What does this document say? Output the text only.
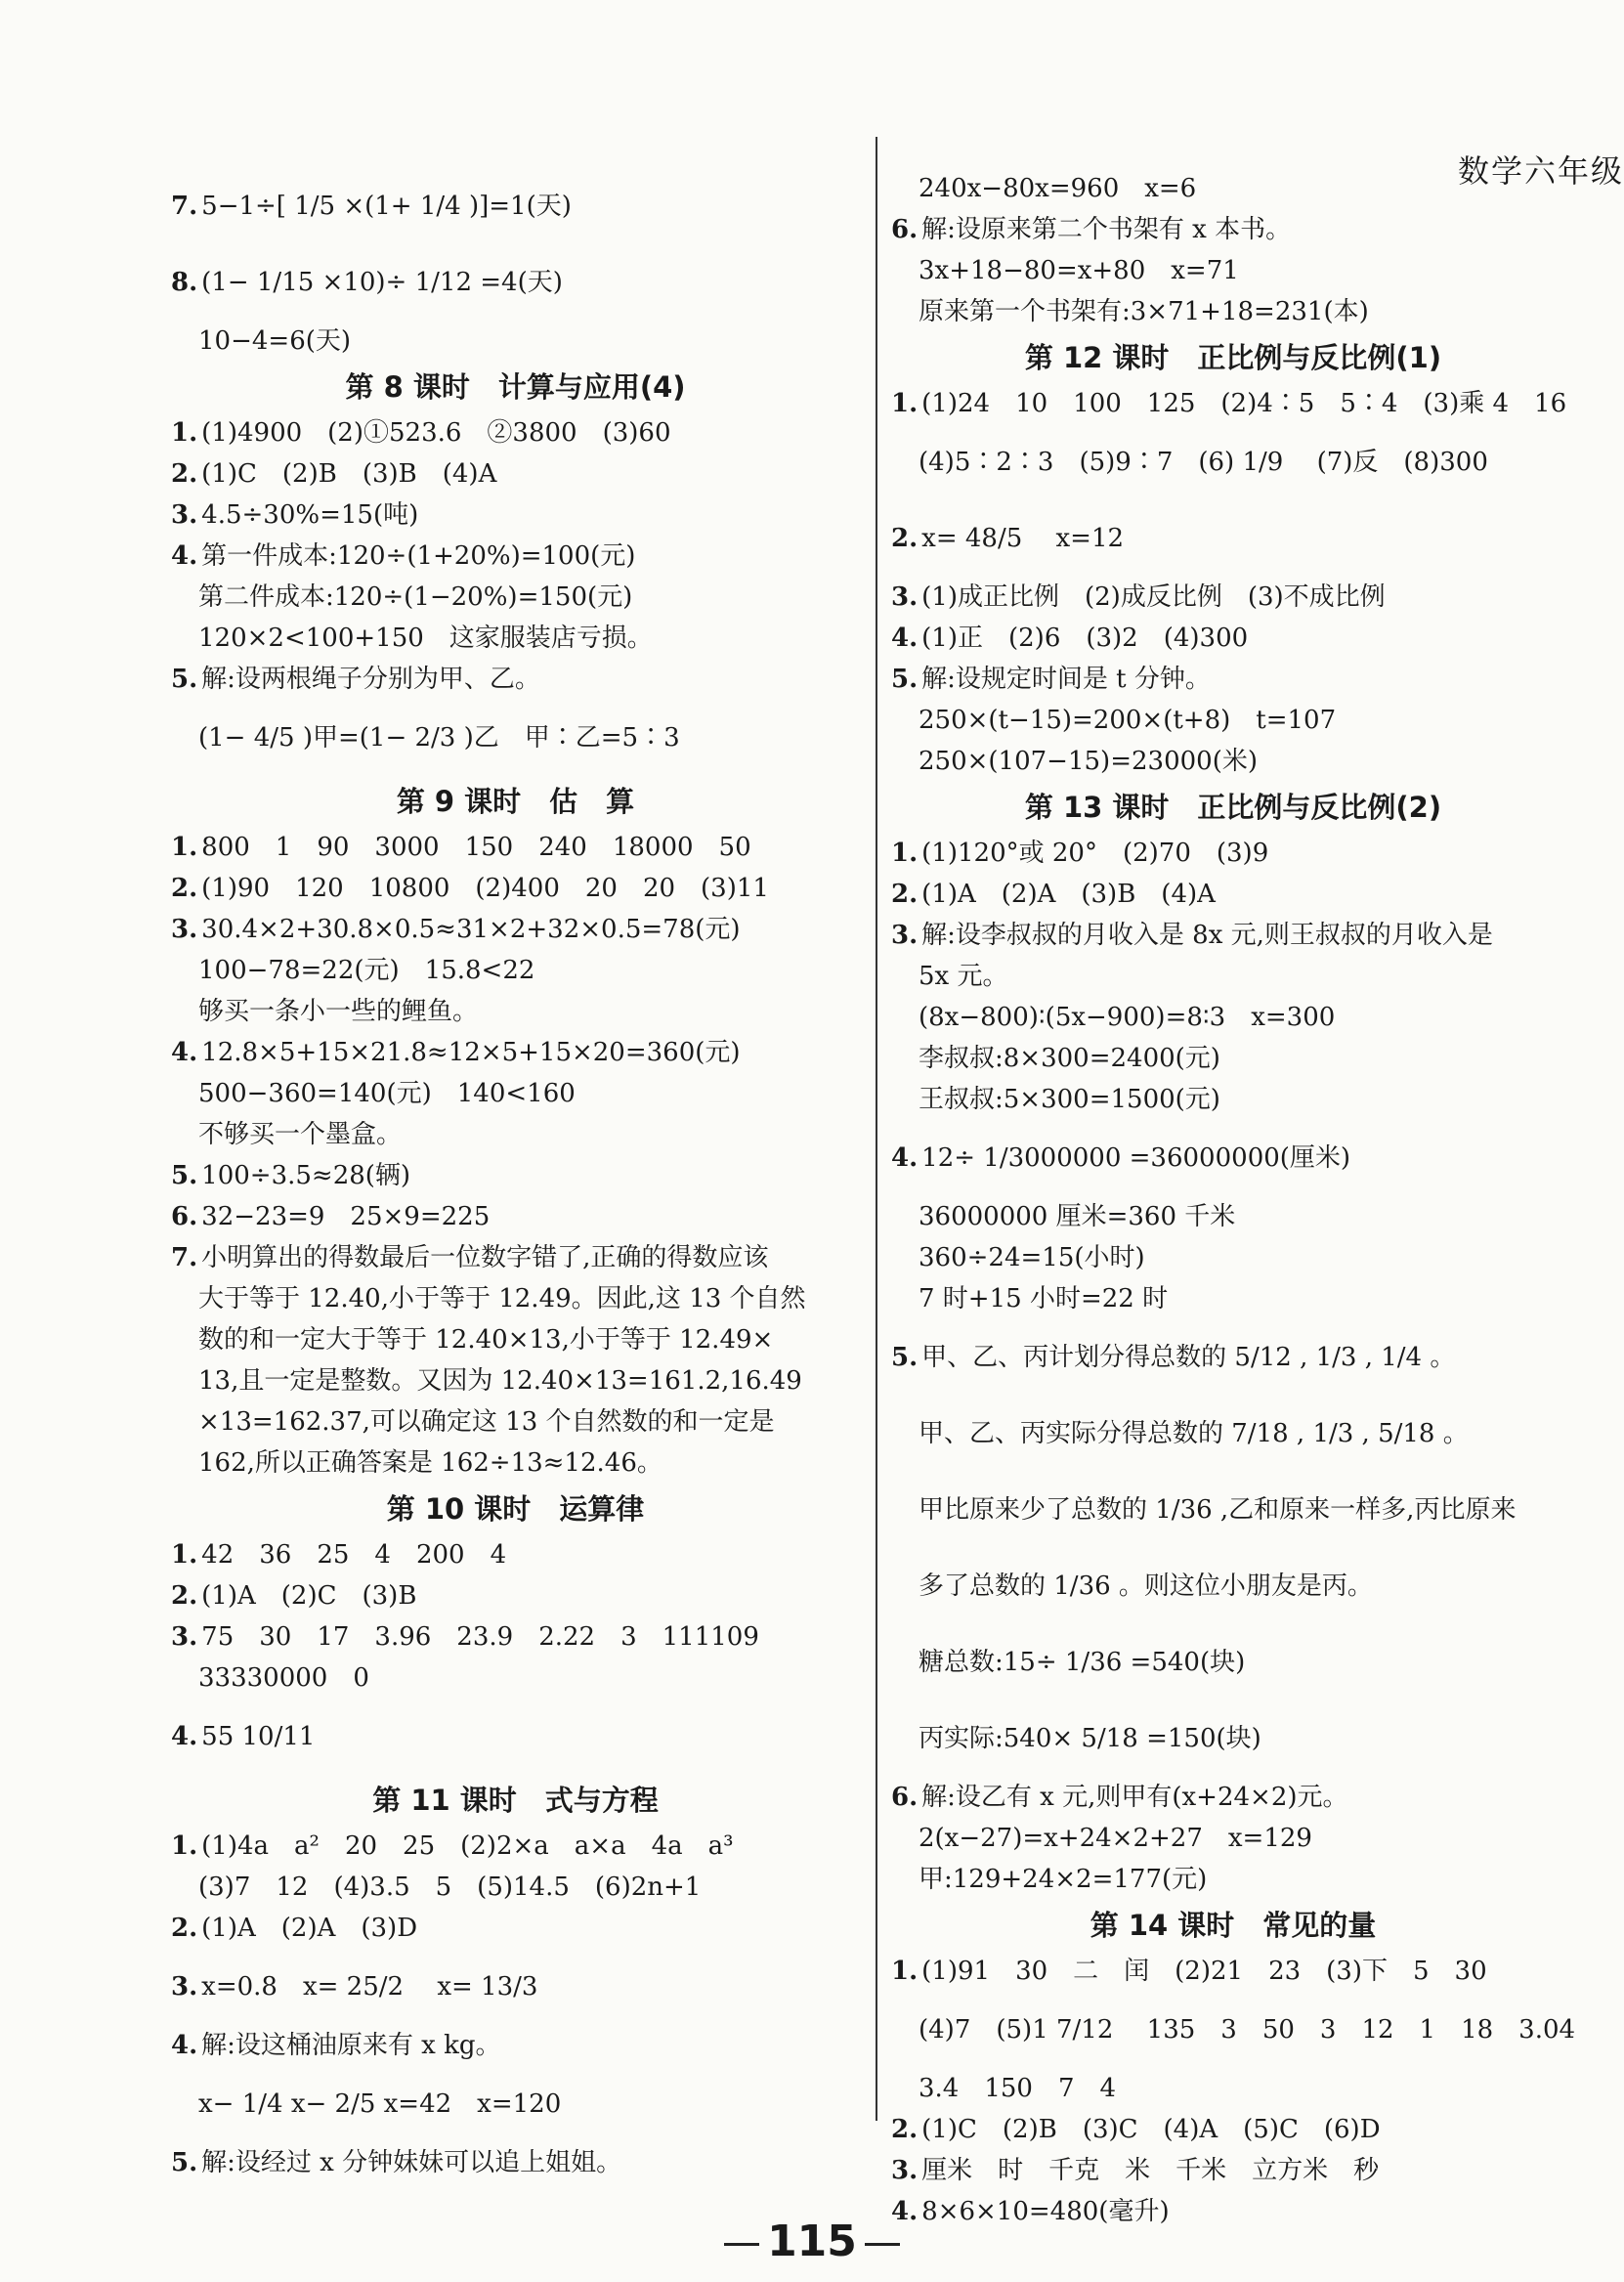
数学六年级
7. 5−1÷[ 1/5 ×(1+ 1/4 )]=1(天)
8. (1− 1/15 ×10)÷ 1/12 =4(天)
10−4=6(天)
第 8 课时　计算与应用(4)
1. (1)4900　(2)①523.6　②3800　(3)60
2. (1)C　(2)B　(3)B　(4)A
3. 4.5÷30%=15(吨)
4. 第一件成本:120÷(1+20%)=100(元)
第二件成本:120÷(1−20%)=150(元)
120×2<100+150　这家服装店亏损。
5. 解:设两根绳子分别为甲、乙。
(1− 4/5 )甲=(1− 2/3 )乙　甲∶乙=5∶3
第 9 课时　估　算
1. 800　1　90　3000　150　240　18000　50
2. (1)90　120　10800　(2)400　20　20　(3)11
3. 30.4×2+30.8×0.5≈31×2+32×0.5=78(元)
100−78=22(元)　15.8<22
够买一条小一些的鲤鱼。
4. 12.8×5+15×21.8≈12×5+15×20=360(元)
500−360=140(元)　140<160
不够买一个墨盒。
5. 100÷3.5≈28(辆)
6. 32−23=9　25×9=225
7. 小明算出的得数最后一位数字错了,正确的得数应该
大于等于 12.40,小于等于 12.49。因此,这 13 个自然
数的和一定大于等于 12.40×13,小于等于 12.49×
13,且一定是整数。又因为 12.40×13=161.2,16.49
×13=162.37,可以确定这 13 个自然数的和一定是
162,所以正确答案是 162÷13≈12.46。
第 10 课时　运算律
1. 42　36　25　4　200　4
2. (1)A　(2)C　(3)B
3. 75　30　17　3.96　23.9　2.22　3　111109
33330000　0
4. 55 10/11
第 11 课时　式与方程
1. (1)4a　a²　20　25　(2)2×a　a×a　4a　a³
(3)7　12　(4)3.5　5　(5)14.5　(6)2n+1
2. (1)A　(2)A　(3)D
3. x=0.8　x= 25/2 　x= 13/3
4. 解:设这桶油原来有 x kg。
x− 1/4 x− 2/5 x=42　x=120
5. 解:设经过 x 分钟妹妹可以追上姐姐。
240x−80x=960　x=6
6. 解:设原来第二个书架有 x 本书。
3x+18−80=x+80　x=71
原来第一个书架有:3×71+18=231(本)
第 12 课时　正比例与反比例(1)
1. (1)24　10　100　125　(2)4∶5　5∶4　(3)乘 4　16
(4)5∶2∶3　(5)9∶7　(6) 1/9 　(7)反　(8)300
2. x= 48/5 　x=12
3. (1)成正比例　(2)成反比例　(3)不成比例
4. (1)正　(2)6　(3)2　(4)300
5. 解:设规定时间是 t 分钟。
250×(t−15)=200×(t+8)　t=107
250×(107−15)=23000(米)
第 13 课时　正比例与反比例(2)
1. (1)120°或 20°　(2)70　(3)9
2. (1)A　(2)A　(3)B　(4)A
3. 解:设李叔叔的月收入是 8x 元,则王叔叔的月收入是
5x 元。
(8x−800)∶(5x−900)=8∶3　x=300
李叔叔:8×300=2400(元)
王叔叔:5×300=1500(元)
4. 12÷ 1/3000000 =36000000(厘米)
36000000 厘米=360 千米
360÷24=15(小时)
7 时+15 小时=22 时
5. 甲、乙、丙计划分得总数的 5/12 , 1/3 , 1/4 。
甲、乙、丙实际分得总数的 7/18 , 1/3 , 5/18 。
甲比原来少了总数的 1/36 ,乙和原来一样多,丙比原来
多了总数的 1/36 。则这位小朋友是丙。
糖总数:15÷ 1/36 =540(块)
丙实际:540× 5/18 =150(块)
6. 解:设乙有 x 元,则甲有(x+24×2)元。
2(x−27)=x+24×2+27　x=129
甲:129+24×2=177(元)
第 14 课时　常见的量
1. (1)91　30　二　闰　(2)21　23　(3)下　5　30
(4)7　(5)1 7/12 　135　3　50　3　12　1　18　3.04
3.4　150　7　4
2. (1)C　(2)B　(3)C　(4)A　(5)C　(6)D
3. 厘米　时　千克　米　千米　立方米　秒
4. 8×6×10=480(毫升)
115
